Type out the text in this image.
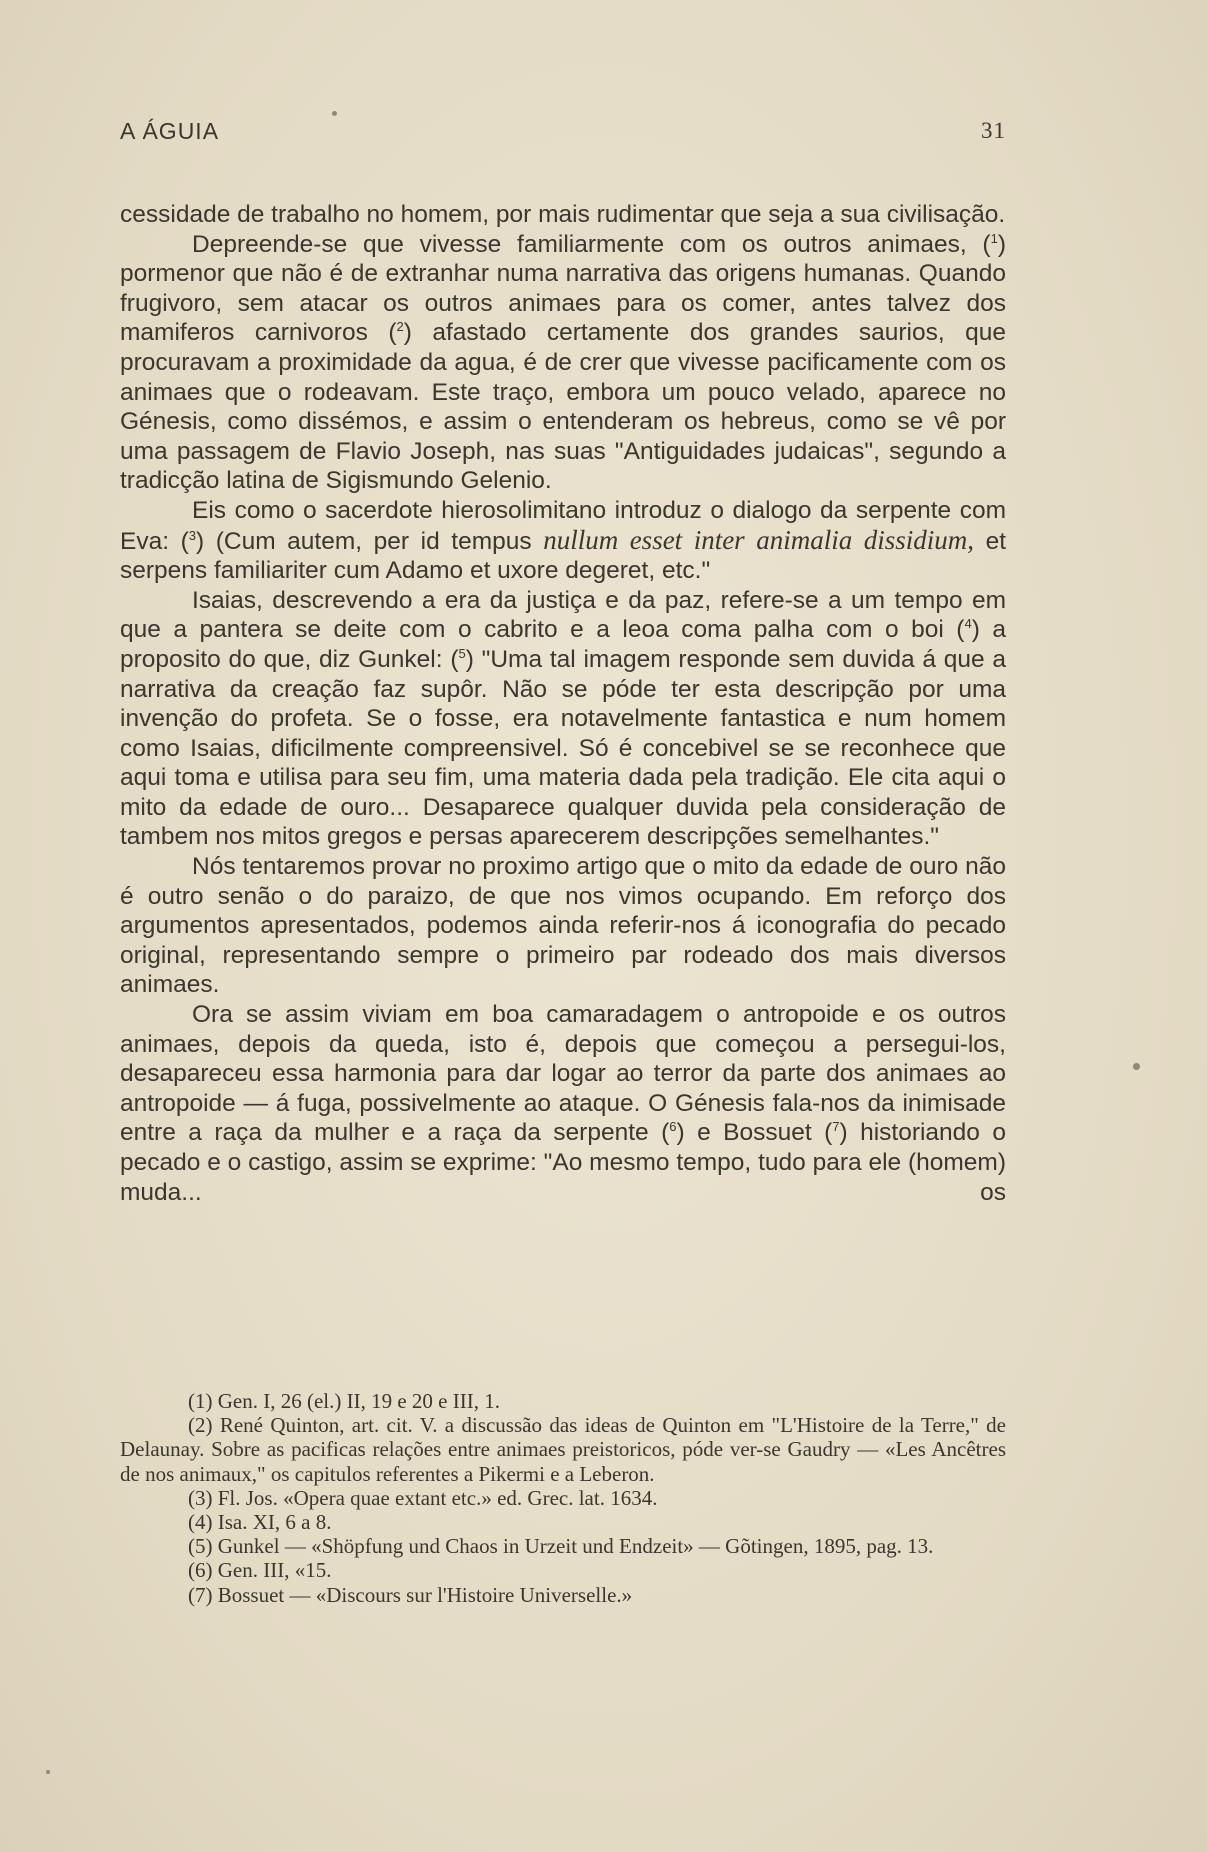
A ÁGUIA	31

cessidade de trabalho no homem, por mais rudimentar que seja a sua civilisação.

Depreende-se que vivesse familiarmente com os outros animaes, ($^1$) pormenor que não é de extranhar numa narrativa das origens humanas. Quando frugivoro, sem atacar os outros animaes para os comer, antes talvez dos mamiferos carnivoros ($^2$) afastado certamente dos grandes saurios, que procuravam a proximidade da agua, é de crer que vivesse pacificamente com os animaes que o rodeavam. Este traço, embora um pouco velado, aparece no Génesis, como dissémos, e assim o entenderam os hebreus, como se vê por uma passagem de Flavio Joseph, nas suas "Antiguidades judaicas", segundo a tradicção latina de Sigismundo Gelenio.

Eis como o sacerdote hierosolimitano introduz o dialogo da serpente com Eva: ($^3$) (Cum autem, per id tempus nullum esset inter animalia dissidium, et serpens familiariter cum Adamo et uxore degeret, etc."

Isaias, descrevendo a era da justiça e da paz, refere-se a um tempo em que a pantera se deite com o cabrito e a leoa coma palha com o boi ($^4$) a proposito do que, diz Gunkel: ($^5$) "Uma tal imagem responde sem duvida á que a narrativa da creação faz supôr. Não se póde ter esta descripção por uma invenção do profeta. Se o fosse, era notavelmente fantastica e num homem como Isaias, dificilmente compreensivel. Só é concebivel se se reconhece que aqui toma e utilisa para seu fim, uma materia dada pela tradição. Ele cita aqui o mito da edade de ouro... Desaparece qualquer duvida pela consideração de tambem nos mitos gregos e persas aparecerem descripções semelhantes."

Nós tentaremos provar no proximo artigo que o mito da edade de ouro não é outro senão o do paraizo, de que nos vimos ocupando. Em reforço dos argumentos apresentados, podemos ainda referir-nos á iconografia do pecado original, representando sempre o primeiro par rodeado dos mais diversos animaes.

Ora se assim viviam em boa camaradagem o antropoide e os outros animaes, depois da queda, isto é, depois que começou a persegui-los, desapareceu essa harmonia para dar logar ao terror da parte dos animaes ao antropoide — á fuga, possivelmente ao ataque. O Génesis fala-nos da inimisade entre a raça da mulher e a raça da serpente ($^6$) e Bossuet ($^7$) historiando o pecado e o castigo, assim se exprime: "Ao mesmo tempo, tudo para ele (homem) muda... os

(1) Gen. I, 26 (el.) II, 19 e 20 e III, 1.

(2) René Quinton, art. cit. V. a discussão das ideas de Quinton em "L'Histoire de la Terre," de Delaunay. Sobre as pacificas relações entre animaes preistoricos, póde ver-se Gaudry — «Les Ancêtres de nos animaux," os capitulos referentes a Pikermi e a Leberon.

(3) Fl. Jos. «Opera quae extant etc.» ed. Grec. lat. 1634.

(4) Isa. XI, 6 a 8.

(5) Gunkel — «Shöpfung und Chaos in Urzeit und Endzeit» — Gõtingen, 1895, pag. 13.

(6) Gen. III, «15.

(7) Bossuet — «Discours sur l'Histoire Universelle.»
